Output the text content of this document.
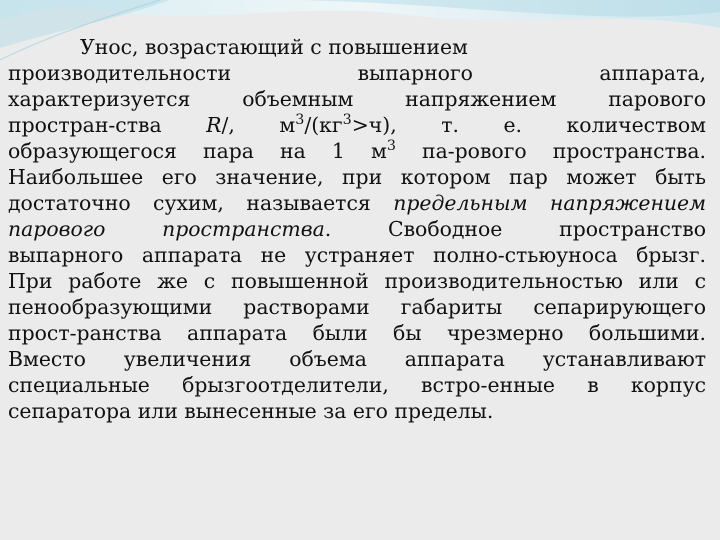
Унос, возрастающий с повышением
производительности выпарного аппарата,
характеризуется объемным напряжением парового
простран-ства R/, $м^3/(кг^3>ч)$, т. е. количеством
образующегося пара на 1 $м^3$ па-рового пространства.
Наибольшее его значение, при котором пар может быть
достаточно сухим, называется предельным напряжением
парового пространства. Свободное пространство
выпарного аппарата не устраняет полно-стьюуноса брызг.
При работе же с повышенной производительностью или с
пенообразующими растворами габариты сепарирующего
прост-ранства аппарата были бы чрезмерно большими.
Вместо увеличения объема аппарата устанавливают
специальные брызгоотделители, встро-енные в корпус
сепаратора или вынесенные за его пределы.
